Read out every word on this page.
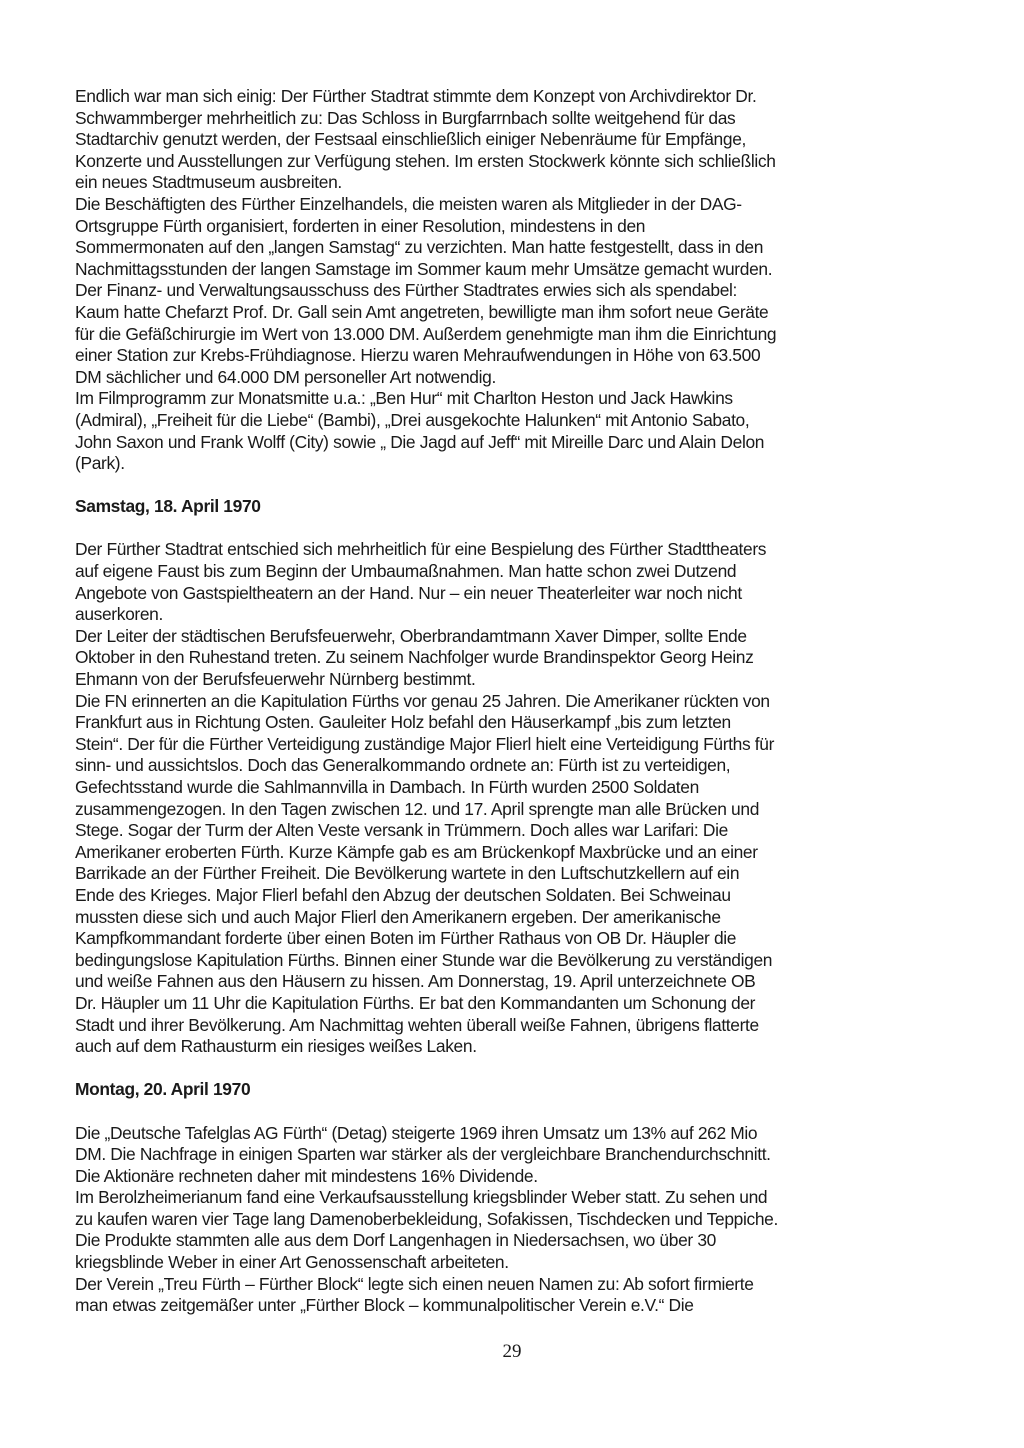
Endlich war man sich einig: Der Fürther Stadtrat stimmte dem Konzept von Archivdirektor Dr.
Schwammberger mehrheitlich zu: Das Schloss in Burgfarrnbach sollte weitgehend für das
Stadtarchiv genutzt werden, der Festsaal einschließlich einiger Nebenräume für Empfänge,
Konzerte und Ausstellungen zur Verfügung stehen. Im ersten Stockwerk könnte sich schließlich
ein neues Stadtmuseum ausbreiten.

Die Beschäftigten des Fürther Einzelhandels, die meisten waren als Mitglieder in der DAG-
Ortsgruppe Fürth organisiert, forderten in einer Resolution, mindestens in den
Sommermonaten auf den „langen Samstag“ zu verzichten. Man hatte festgestellt, dass in den
Nachmittagsstunden der langen Samstage im Sommer kaum mehr Umsätze gemacht wurden.

Der Finanz- und Verwaltungsausschuss des Fürther Stadtrates erwies sich als spendabel:
Kaum hatte Chefarzt Prof. Dr. Gall sein Amt angetreten, bewilligte man ihm sofort neue Geräte
für die Gefäßchirurgie im Wert von 13.000 DM. Außerdem genehmigte man ihm die Einrichtung
einer Station zur Krebs-Frühdiagnose. Hierzu waren Mehraufwendungen in Höhe von 63.500
DM sächlicher und 64.000 DM personeller Art notwendig.

Im Filmprogramm zur Monatsmitte u.a.: „Ben Hur“ mit Charlton Heston und Jack Hawkins
(Admiral), „Freiheit für die Liebe“ (Bambi), „Drei ausgekochte Halunken“ mit Antonio Sabato,
John Saxon und Frank Wolff (City) sowie „ Die Jagd auf Jeff“ mit Mireille Darc und Alain Delon
(Park).

Samstag, 18. April 1970

Der Fürther Stadtrat entschied sich mehrheitlich für eine Bespielung des Fürther Stadttheaters
auf eigene Faust bis zum Beginn der Umbaumaßnahmen. Man hatte schon zwei Dutzend
Angebote von Gastspieltheatern an der Hand. Nur – ein neuer Theaterleiter war noch nicht
auserkoren.

Der Leiter der städtischen Berufsfeuerwehr, Oberbrandamtmann Xaver Dimper, sollte Ende
Oktober in den Ruhestand treten. Zu seinem Nachfolger wurde Brandinspektor Georg Heinz
Ehmann von der Berufsfeuerwehr Nürnberg bestimmt.

Die FN erinnerten an die Kapitulation Fürths vor genau 25 Jahren. Die Amerikaner rückten von
Frankfurt aus in Richtung Osten. Gauleiter Holz befahl den Häuserkampf „bis zum letzten
Stein“. Der für die Fürther Verteidigung zuständige Major Flierl hielt eine Verteidigung Fürths für
sinn- und aussichtslos. Doch das Generalkommando ordnete an: Fürth ist zu verteidigen,
Gefechtsstand wurde die Sahlmannvilla in Dambach. In Fürth wurden 2500 Soldaten
zusammengezogen. In den Tagen zwischen 12. und 17. April sprengte man alle Brücken und
Stege. Sogar der Turm der Alten Veste versank in Trümmern. Doch alles war Larifari: Die
Amerikaner eroberten Fürth. Kurze Kämpfe gab es am Brückenkopf Maxbrücke und an einer
Barrikade an der Fürther Freiheit. Die Bevölkerung wartete in den Luftschutzkellern auf ein
Ende des Krieges. Major Flierl befahl den Abzug der deutschen Soldaten. Bei Schweinau
mussten diese sich und auch Major Flierl den Amerikanern ergeben. Der amerikanische
Kampfkommandant forderte über einen Boten im Fürther Rathaus von OB Dr. Häupler die
bedingungslose Kapitulation Fürths. Binnen einer Stunde war die Bevölkerung zu verständigen
und weiße Fahnen aus den Häusern zu hissen. Am Donnerstag, 19. April unterzeichnete OB
Dr. Häupler um 11 Uhr die Kapitulation Fürths. Er bat den Kommandanten um Schonung der
Stadt und ihrer Bevölkerung. Am Nachmittag wehten überall weiße Fahnen, übrigens flatterte
auch auf dem Rathausturm ein riesiges weißes Laken.

Montag, 20. April 1970

Die „Deutsche Tafelglas AG Fürth“ (Detag) steigerte 1969 ihren Umsatz um 13% auf 262 Mio
DM. Die Nachfrage in einigen Sparten war stärker als der vergleichbare Branchendurchschnitt.
Die Aktionäre rechneten daher mit mindestens 16% Dividende.

Im Berolzheimerianum fand eine Verkaufsausstellung kriegsblinder Weber statt. Zu sehen und
zu kaufen waren vier Tage lang Damenoberbekleidung, Sofakissen, Tischdecken und Teppiche.
Die Produkte stammten alle aus dem Dorf Langenhagen in Niedersachsen, wo über 30
kriegsblinde Weber in einer Art Genossenschaft arbeiteten.

Der Verein „Treu Fürth – Fürther Block“ legte sich einen neuen Namen zu: Ab sofort firmierte
man etwas zeitgemäßer unter „Fürther Block – kommunalpolitischer Verein e.V.“ Die

29
